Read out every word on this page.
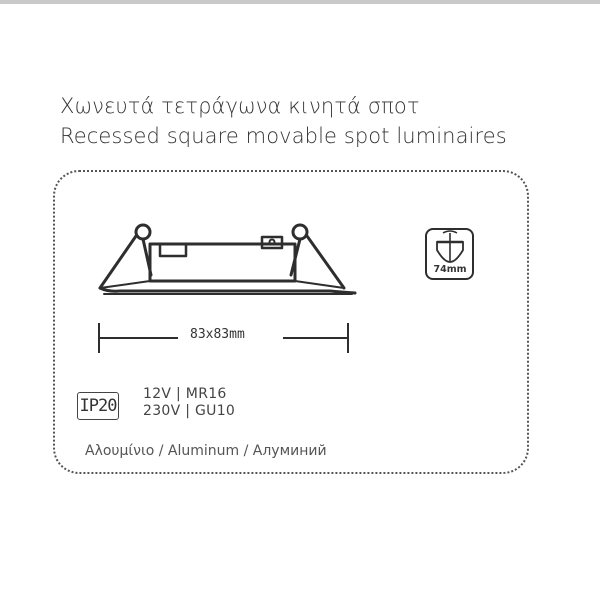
Χωνευτά τετράγωνα κινητά σποτ
Recessed square movable spot luminaires
83x83mm
74mm
IP20
12V | MR16
230V | GU10
Αλουμίνιο / Aluminum / Алуминий
